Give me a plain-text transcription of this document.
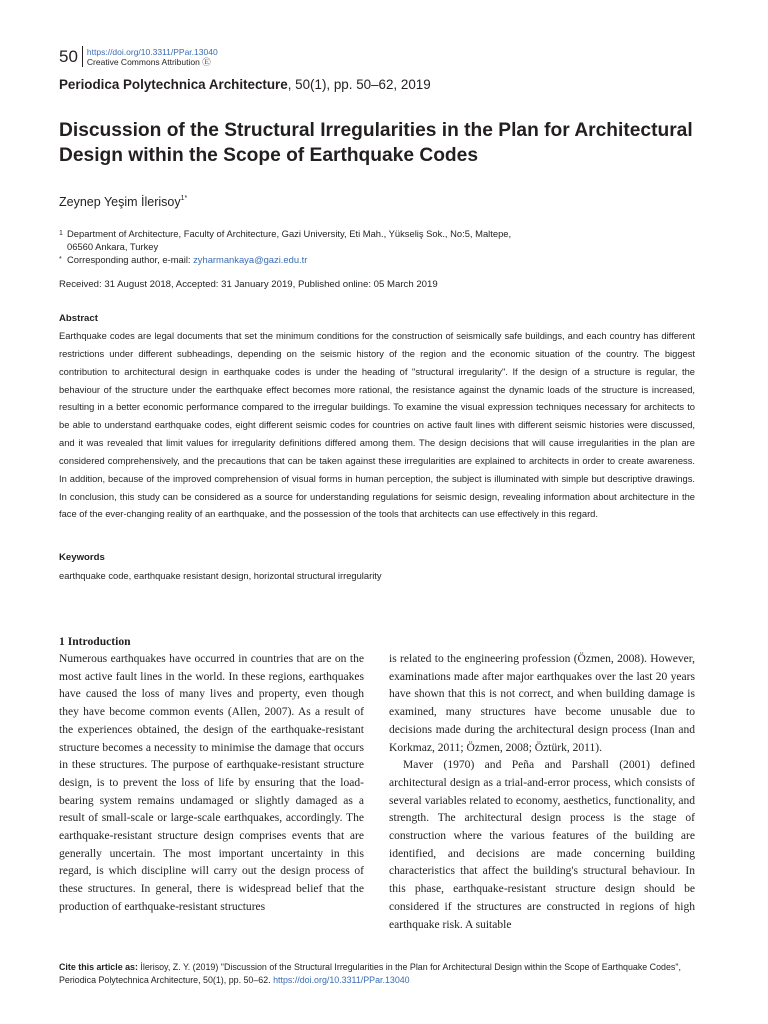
50	https://doi.org/10.3311/PPar.13040
Creative Commons Attribution Ⓔ
Periodica Polytechnica Architecture, 50(1), pp. 50–62, 2019
Discussion of the Structural Irregularities in the Plan for Architectural Design within the Scope of Earthquake Codes
Zeynep Yeşim İlerisoy$^{1*}$
1 Department of Architecture, Faculty of Architecture, Gazi University, Eti Mah., Yükseliş Sok., No:5, Maltepe,
06560 Ankara, Turkey
* Corresponding author, e-mail: zyharmankaya@gazi.edu.tr
Received: 31 August 2018, Accepted: 31 January 2019, Published online: 05 March 2019
Abstract

Earthquake codes are legal documents that set the minimum conditions for the construction of seismically safe buildings, and each country has different restrictions under different subheadings, depending on the seismic history of the region and the economic situation of the country. The biggest contribution to architectural design in earthquake codes is under the heading of "structural irregularity". If the design of a structure is regular, the behaviour of the structure under the earthquake effect becomes more rational, the resistance against the dynamic loads of the structure is increased, resulting in a better economic performance compared to the irregular buildings. To examine the visual expression techniques necessary for architects to be able to understand earthquake codes, eight different seismic codes for countries on active fault lines with different seismic histories were discussed, and it was revealed that limit values for irregularity definitions differed among them. The design decisions that will cause irregularities in the plan are considered comprehensively, and the precautions that can be taken against these irregularities are explained to architects in order to create awareness. In addition, because of the improved comprehension of visual forms in human perception, the subject is illuminated with simple but descriptive drawings. In conclusion, this study can be considered as a source for understanding regulations for seismic design, revealing information about architecture in the face of the ever-changing reality of an earthquake, and the possession of the tools that architects can use effectively in this regard.

Keywords
earthquake code, earthquake resistant design, horizontal structural irregularity
1 Introduction

Numerous earthquakes have occurred in countries that are on the most active fault lines in the world. In these regions, earthquakes have caused the loss of many lives and property, even though they have become common events (Allen, 2007). As a result of the experiences obtained, the design of the earthquake-resistant structure becomes a necessity to minimise the damage that occurs in these structures. The purpose of earthquake-resistant structure design, is to prevent the loss of life by ensuring that the load-bearing system remains undamaged or slightly damaged as a result of small-scale or large-scale earthquakes, accordingly. The earthquake-resistant structure design comprises events that are generally uncertain. The most important uncertainty in this regard, is which discipline will carry out the design process of these structures. In general, there is widespread belief that the production of earthquake-resistant structures

is related to the engineering profession (Özmen, 2008). However, examinations made after major earthquakes over the last 20 years have shown that this is not correct, and when building damage is examined, many structures have become unusable due to decisions made during the architectural design process (Inan and Korkmaz, 2011; Özmen, 2008; Öztürk, 2011).

Maver (1970) and Peña and Parshall (2001) defined architectural design as a trial-and-error process, which consists of several variables related to economy, aesthetics, functionality, and strength. The architectural design process is the stage of construction where the various features of the building are identified, and decisions are made concerning building characteristics that affect the building's structural behaviour. In this phase, earthquake-resistant structure design should be considered if the structures are constructed in regions of high earthquake risk. A suitable

Cite this article as: İlerisoy, Z. Y. (2019) "Discussion of the Structural Irregularities in the Plan for Architectural Design within the Scope of Earthquake Codes", Periodica Polytechnica Architecture, 50(1), pp. 50–62. https://doi.org/10.3311/PPar.13040
